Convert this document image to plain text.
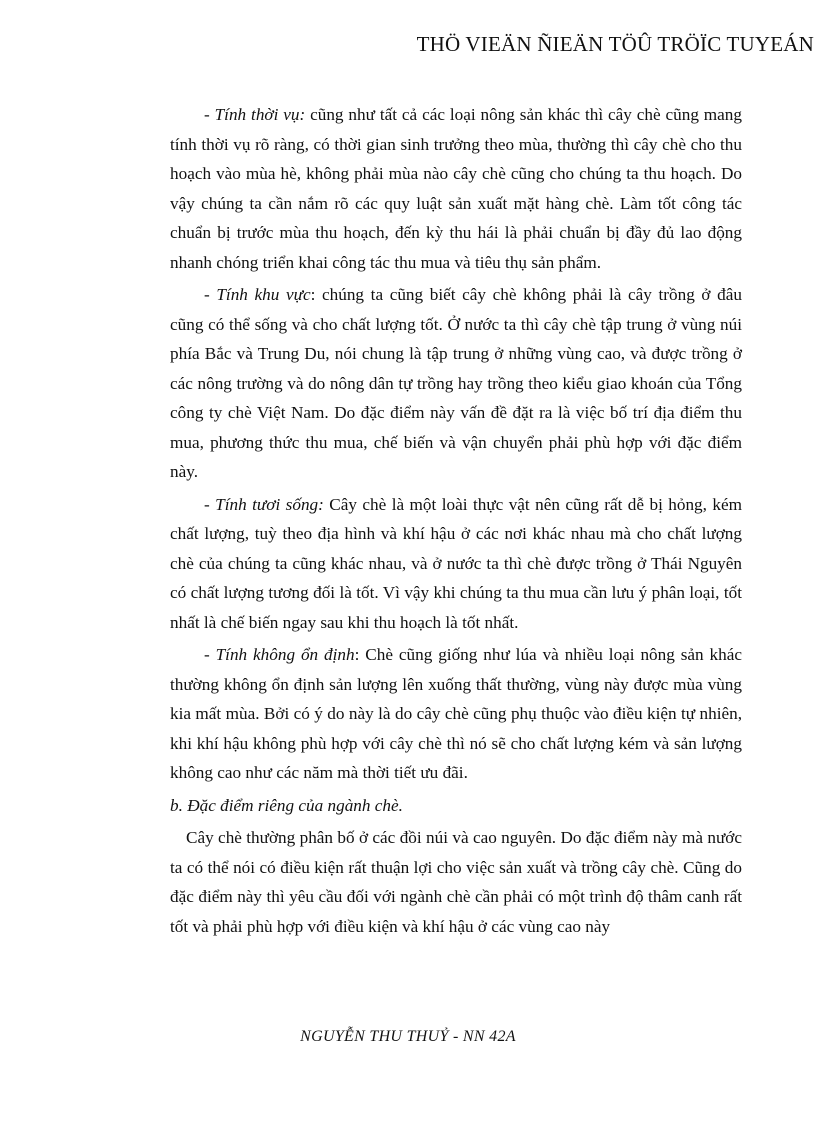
THÖ VIEÄN ÑIEÄN TÖÛ TRÖÏC TUYEÁN

- Tính thời vụ: cũng như tất cả các loại nông sản khác thì cây chè cũng mang tính thời vụ rõ ràng, có thời gian sinh trưởng theo mùa, thường thì cây chè cho thu hoạch vào mùa hè, không phải mùa nào cây chè cũng cho chúng ta thu hoạch. Do vậy chúng ta cần nắm rõ các quy luật sản xuất mặt hàng chè. Làm tốt công tác chuẩn bị trước mùa thu hoạch, đến kỳ thu hái là phải chuẩn bị đầy đủ lao động nhanh chóng triển khai công tác thu mua và tiêu thụ sản phẩm.

- Tính khu vực: chúng ta cũng biết cây chè không phải là cây trồng ở đâu cũng có thể sống và cho chất lượng tốt. Ở nước ta thì cây chè tập trung ở vùng núi phía Bắc và Trung Du, nói chung là tập trung ở những vùng cao, và được trồng ở các nông trường và do nông dân tự trồng hay trồng theo kiểu giao khoán của Tổng công ty chè Việt Nam. Do đặc điểm này vấn đề đặt ra là việc bố trí địa điểm thu mua, phương thức thu mua, chế biến và vận chuyển phải phù hợp với đặc điểm này.

- Tính tươi sống: Cây chè là một loài thực vật nên cũng rất dễ bị hỏng, kém chất lượng, tuỳ theo địa hình và khí hậu ở các nơi khác nhau mà cho chất lượng chè của chúng ta cũng khác nhau, và ở nước ta thì chè được trồng ở Thái Nguyên có chất lượng tương đối là tốt. Vì vậy khi chúng ta thu mua cần lưu ý phân loại, tốt nhất là chế biến ngay sau khi thu hoạch là tốt nhất.

- Tính không ổn định: Chè cũng giống như lúa và nhiều loại nông sản khác thường không ổn định sản lượng lên xuống thất thường, vùng này được mùa vùng kia mất mùa. Bởi có ý do này là do cây chè cũng phụ thuộc vào điều kiện tự nhiên, khi khí hậu không phù hợp với cây chè thì nó sẽ cho chất lượng kém và sản lượng không cao như các năm mà thời tiết ưu đãi.

b. Đặc điểm riêng của ngành chè.

Cây chè thường phân bố ở các đồi núi và cao nguyên. Do đặc điểm này mà nước ta có thể nói có điều kiện rất thuận lợi cho việc sản xuất và trồng cây chè. Cũng do đặc điểm này thì yêu cầu đối với ngành chè cần phải có một trình độ thâm canh rất tốt và phải phù hợp với điều kiện và khí hậu ở các vùng cao này

NGUYỄN THU THUỶ - NN 42A
